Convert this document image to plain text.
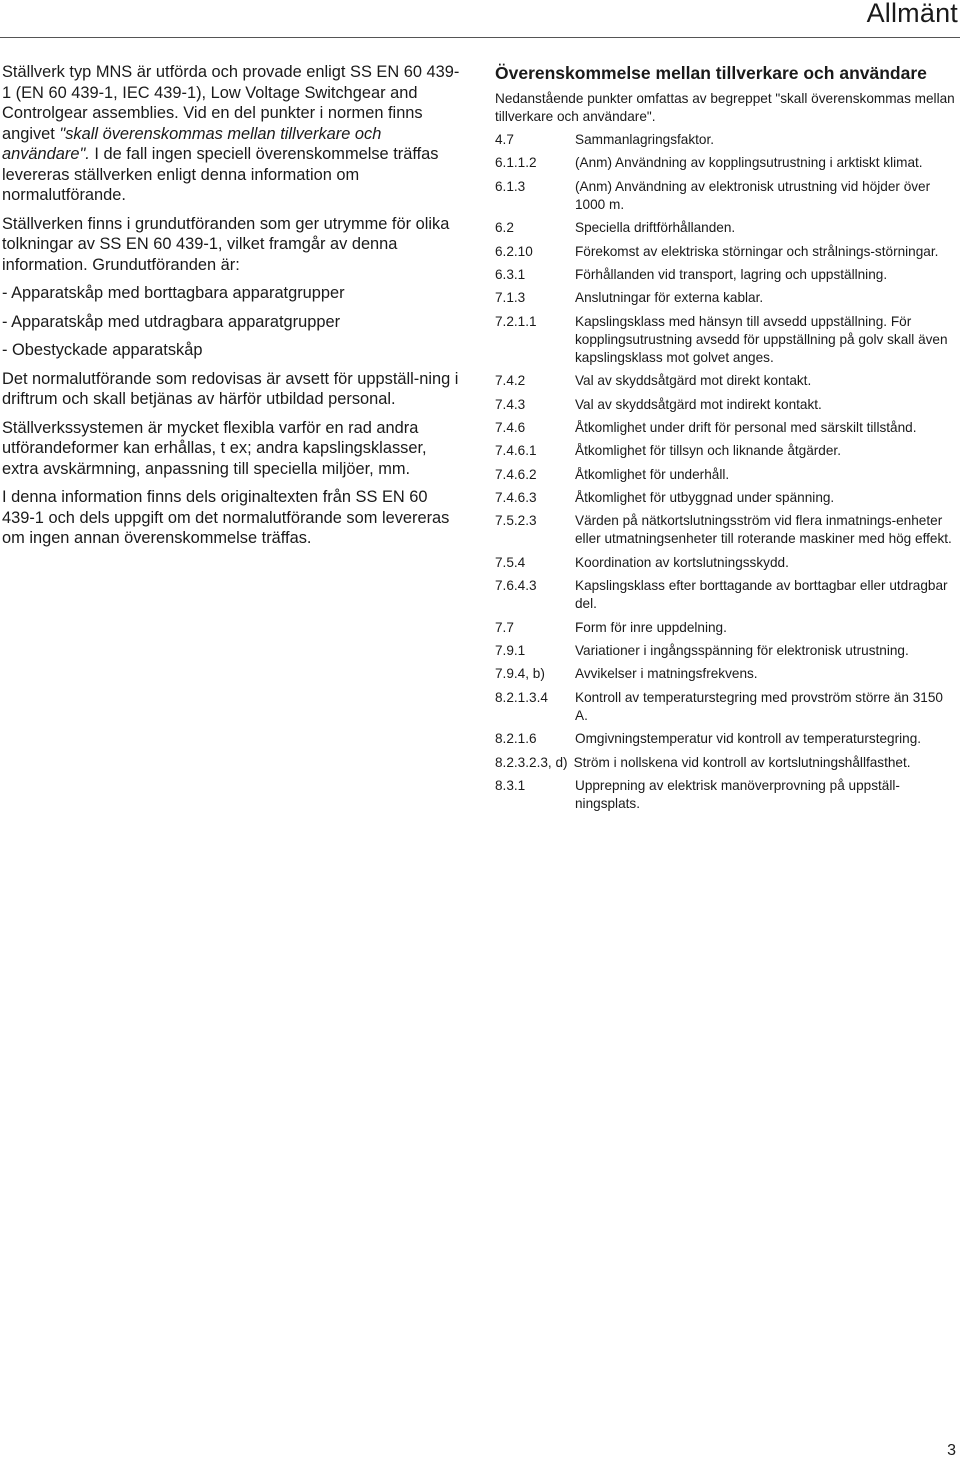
Allmänt

Ställverk typ MNS är utförda och provade enligt SS EN 60 439-1 (EN 60 439-1, IEC 439-1), Low Voltage Switchgear and Controlgear assemblies. Vid en del punkter i normen finns angivet "skall överenskommas mellan tillverkare och användare". I de fall ingen speciell överenskommelse träffas levereras ställverken enligt denna information om normalutförande.

Ställverken finns i grundutföranden som ger utrymme för olika tolkningar av SS EN 60 439-1, vilket framgår av denna information. Grundutföranden är:

- Apparatskåp med borttagbara apparatgrupper

- Apparatskåp med utdragbara apparatgrupper

- Obestyckade apparatskåp

Det normalutförande som redovisas är avsett för uppställ-ning i driftrum och skall betjänas av härför utbildad personal.

Ställverkssystemen är mycket flexibla varför en rad andra utförandeformer kan erhållas, t ex; andra kapslingsklasser, extra avskärmning, anpassning till speciella miljöer, mm.

I denna information finns dels originaltexten från SS EN 60 439-1 och dels uppgift om det normalutförande som levereras om ingen annan överenskommelse träffas.

Överenskommelse mellan tillverkare och användare
Nedanstående punkter omfattas av begreppet "skall överenskommas mellan tillverkare och användare".
4.7	Sammanlagringsfaktor.
6.1.1.2	(Anm) Användning av kopplingsutrustning i arktiskt klimat.
6.1.3	(Anm) Användning av elektronisk utrustning vid höjder över 1000 m.
6.2	Speciella driftförhållanden.
6.2.10	Förekomst av elektriska störningar och strålnings-störningar.
6.3.1	Förhållanden vid transport, lagring och uppställning.
7.1.3	Anslutningar för externa kablar.
7.2.1.1	Kapslingsklass med hänsyn till avsedd uppställning. För kopplingsutrustning avsedd för uppställning på golv skall även kapslingsklass mot golvet anges.
7.4.2	Val av skyddsåtgärd mot direkt kontakt.
7.4.3	Val av skyddsåtgärd mot indirekt kontakt.
7.4.6	Åtkomlighet under drift för personal med särskilt tillstånd.
7.4.6.1	Åtkomlighet för tillsyn och liknande åtgärder.
7.4.6.2	Åtkomlighet för underhåll.
7.4.6.3	Åtkomlighet för utbyggnad under spänning.
7.5.2.3	Värden på nätkortslutningsström vid flera inmatnings-enheter eller utmatningsenheter till roterande maskiner med hög effekt.
7.5.4	Koordination av kortslutningsskydd.
7.6.4.3	Kapslingsklass efter borttagande av borttagbar eller utdragbar del.
7.7	Form för inre uppdelning.
7.9.1	Variationer i ingångsspänning för elektronisk utrustning.
7.9.4, b)	Avvikelser i matningsfrekvens.
8.2.1.3.4	Kontroll av temperaturstegring med provström större än 3150 A.
8.2.1.6	Omgivningstemperatur vid kontroll av temperaturstegring.
8.2.3.2.3, d) Ström i nollskena vid kontroll av kortslutningshållfasthet.
8.3.1	Upprepning av elektrisk manöverprovning på uppställ-ningsplats.
3
